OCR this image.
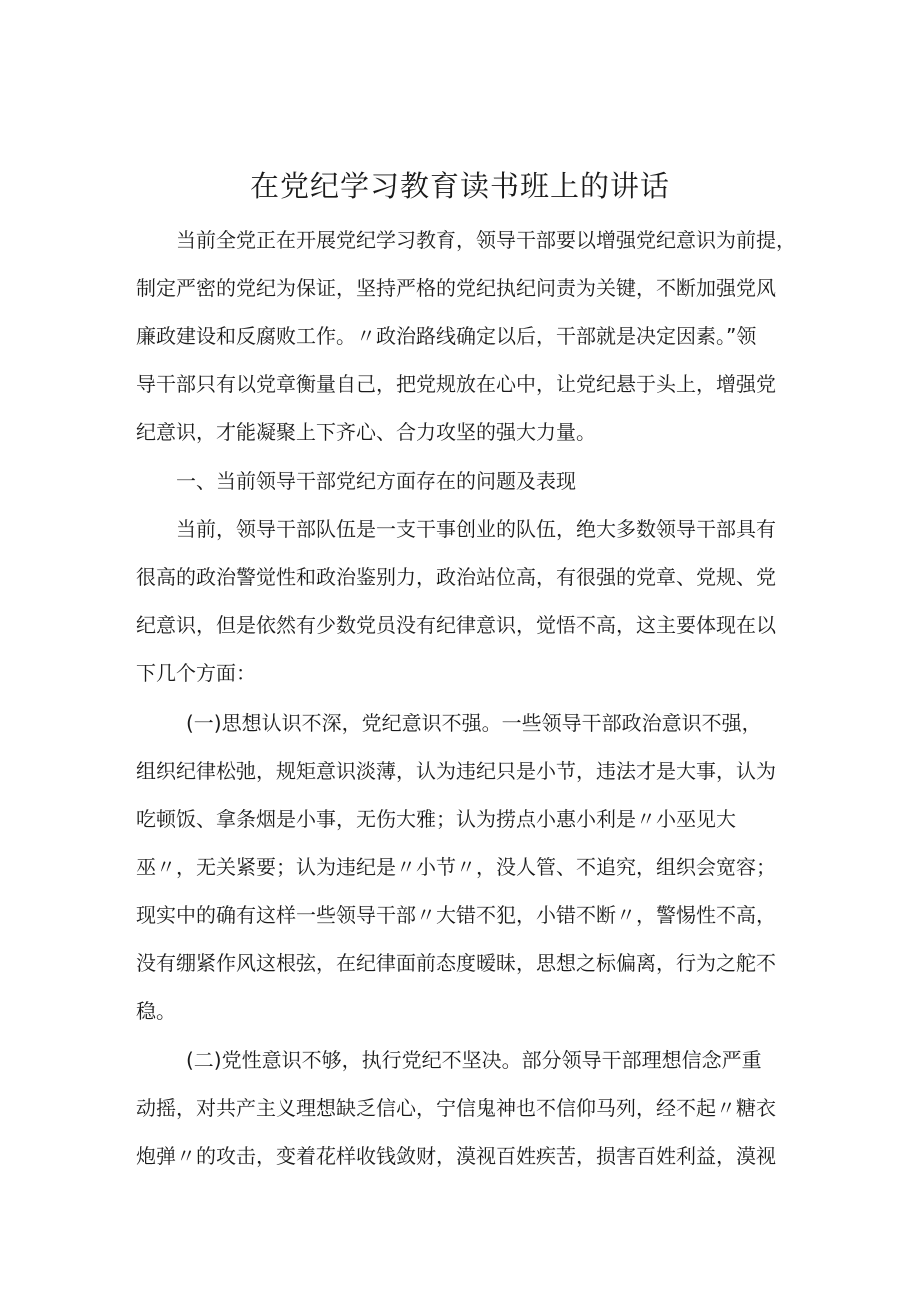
在党纪学习教育读书班上的讲话

当前全党正在开展党纪学习教育，领导干部要以增强党纪意识为前提，

制定严密的党纪为保证，坚持严格的党纪执纪问责为关键，不断加强党风

廉政建设和反腐败工作。〃政治路线确定以后，干部就是决定因素。”领

导干部只有以党章衡量自己，把党规放在心中，让党纪悬于头上，增强党

纪意识，才能凝聚上下齐心、合力攻坚的强大力量。

一、当前领导干部党纪方面存在的问题及表现

当前，领导干部队伍是一支干事创业的队伍，绝大多数领导干部具有

很高的政治警觉性和政治鉴别力，政治站位高，有很强的党章、党规、党

纪意识，但是依然有少数党员没有纪律意识，觉悟不高，这主要体现在以

下几个方面：

(一)思想认识不深，党纪意识不强。一些领导干部政治意识不强，

组织纪律松弛，规矩意识淡薄，认为违纪只是小节，违法才是大事，认为

吃顿饭、拿条烟是小事，无伤大雅；认为捞点小惠小利是〃小巫见大

巫〃，无关紧要；认为违纪是〃小节〃，没人管、不追究，组织会宽容；

现实中的确有这样一些领导干部〃大错不犯，小错不断〃，警惕性不高，

没有绷紧作风这根弦，在纪律面前态度暧昧，思想之标偏离，行为之舵不

稳。

(二)党性意识不够，执行党纪不坚决。部分领导干部理想信念严重

动摇，对共产主义理想缺乏信心，宁信鬼神也不信仰马列，经不起〃糖衣

炮弹〃的攻击，变着花样收钱敛财，漠视百姓疾苦，损害百姓利益，漠视
